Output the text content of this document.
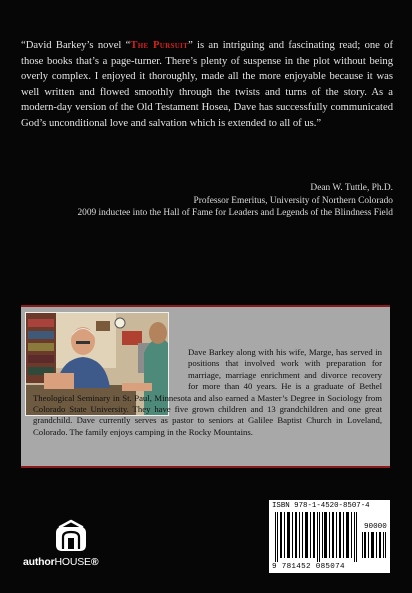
“David Barkey’s novel “The Pursuit” is an intriguing and fascinating read; one of those books that’s a page-turner. There’s plenty of suspense in the plot without being overly complex. I enjoyed it thoroughly, made all the more enjoyable because it was well written and flowed smoothly through the twists and turns of the story. As a modern-day version of the Old Testament Hosea, Dave has successfully communicated God’s unconditional love and salvation which is extended to all of us.”
Dean W. Tuttle, Ph.D.
Professor Emeritus, University of Northern Colorado
2009 inductee into the Hall of Fame for Leaders and Legends of the Blindness Field
Dave Barkey along with his wife, Marge, has served in positions that involved work with preparation for marriage, marriage enrichment and divorce recovery for more than 40 years. He is a graduate of Bethel Theological Seminary in St. Paul, Minnesota and also earned a Master’s Degree in Sociology from Colorado State University. They have five grown children and 13 grandchildren and one great grandchild. Dave currently serves as pastor to seniors at Galilee Baptist Church in Loveland, Colorado. The family enjoys camping in the Rocky Mountains.
authorHOUSE®
ISBN 978-1-4520-8507-4
90000
9 781452 085074
